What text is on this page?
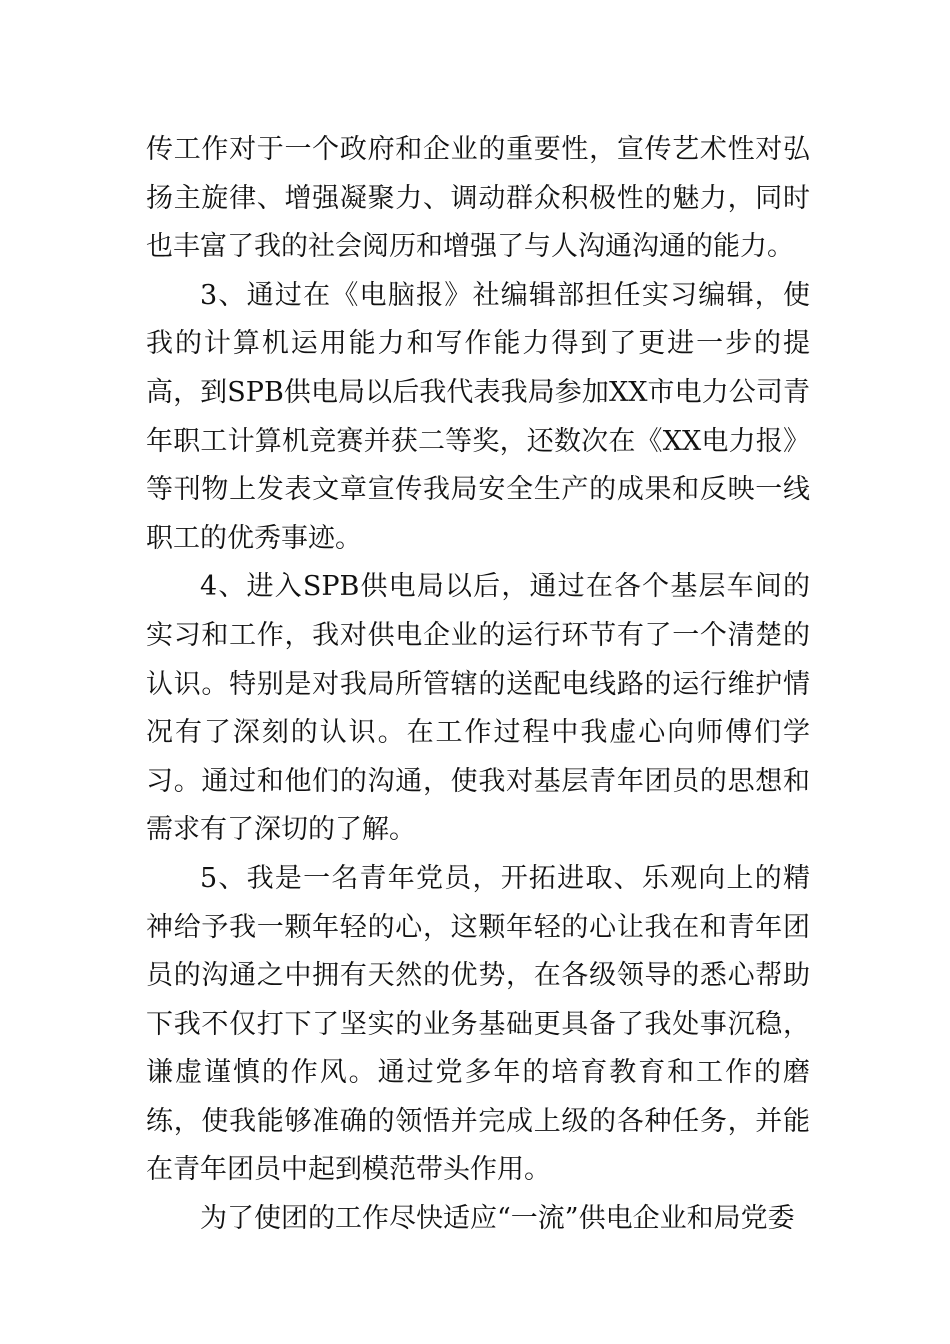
传工作对于一个政府和企业的重要性，宣传艺术性对弘扬主旋律、增强凝聚力、调动群众积极性的魅力，同时也丰富了我的社会阅历和增强了与人沟通沟通的能力。

3、通过在《电脑报》社编辑部担任实习编辑，使我的计算机运用能力和写作能力得到了更进一步的提高，到SPB供电局以后我代表我局参加XX市电力公司青年职工计算机竞赛并获二等奖，还数次在《XX电力报》等刊物上发表文章宣传我局安全生产的成果和反映一线职工的优秀事迹。

4、进入SPB供电局以后，通过在各个基层车间的实习和工作，我对供电企业的运行环节有了一个清楚的认识。特别是对我局所管辖的送配电线路的运行维护情况有了深刻的认识。在工作过程中我虚心向师傅们学习。通过和他们的沟通，使我对基层青年团员的思想和需求有了深切的了解。

5、我是一名青年党员，开拓进取、乐观向上的精神给予我一颗年轻的心，这颗年轻的心让我在和青年团员的沟通之中拥有天然的优势，在各级领导的悉心帮助下我不仅打下了坚实的业务基础更具备了我处事沉稳，谦虚谨慎的作风。通过党多年的培育教育和工作的磨练，使我能够准确的领悟并完成上级的各种任务，并能在青年团员中起到模范带头作用。

为了使团的工作尽快适应“一流”供电企业和局党委
